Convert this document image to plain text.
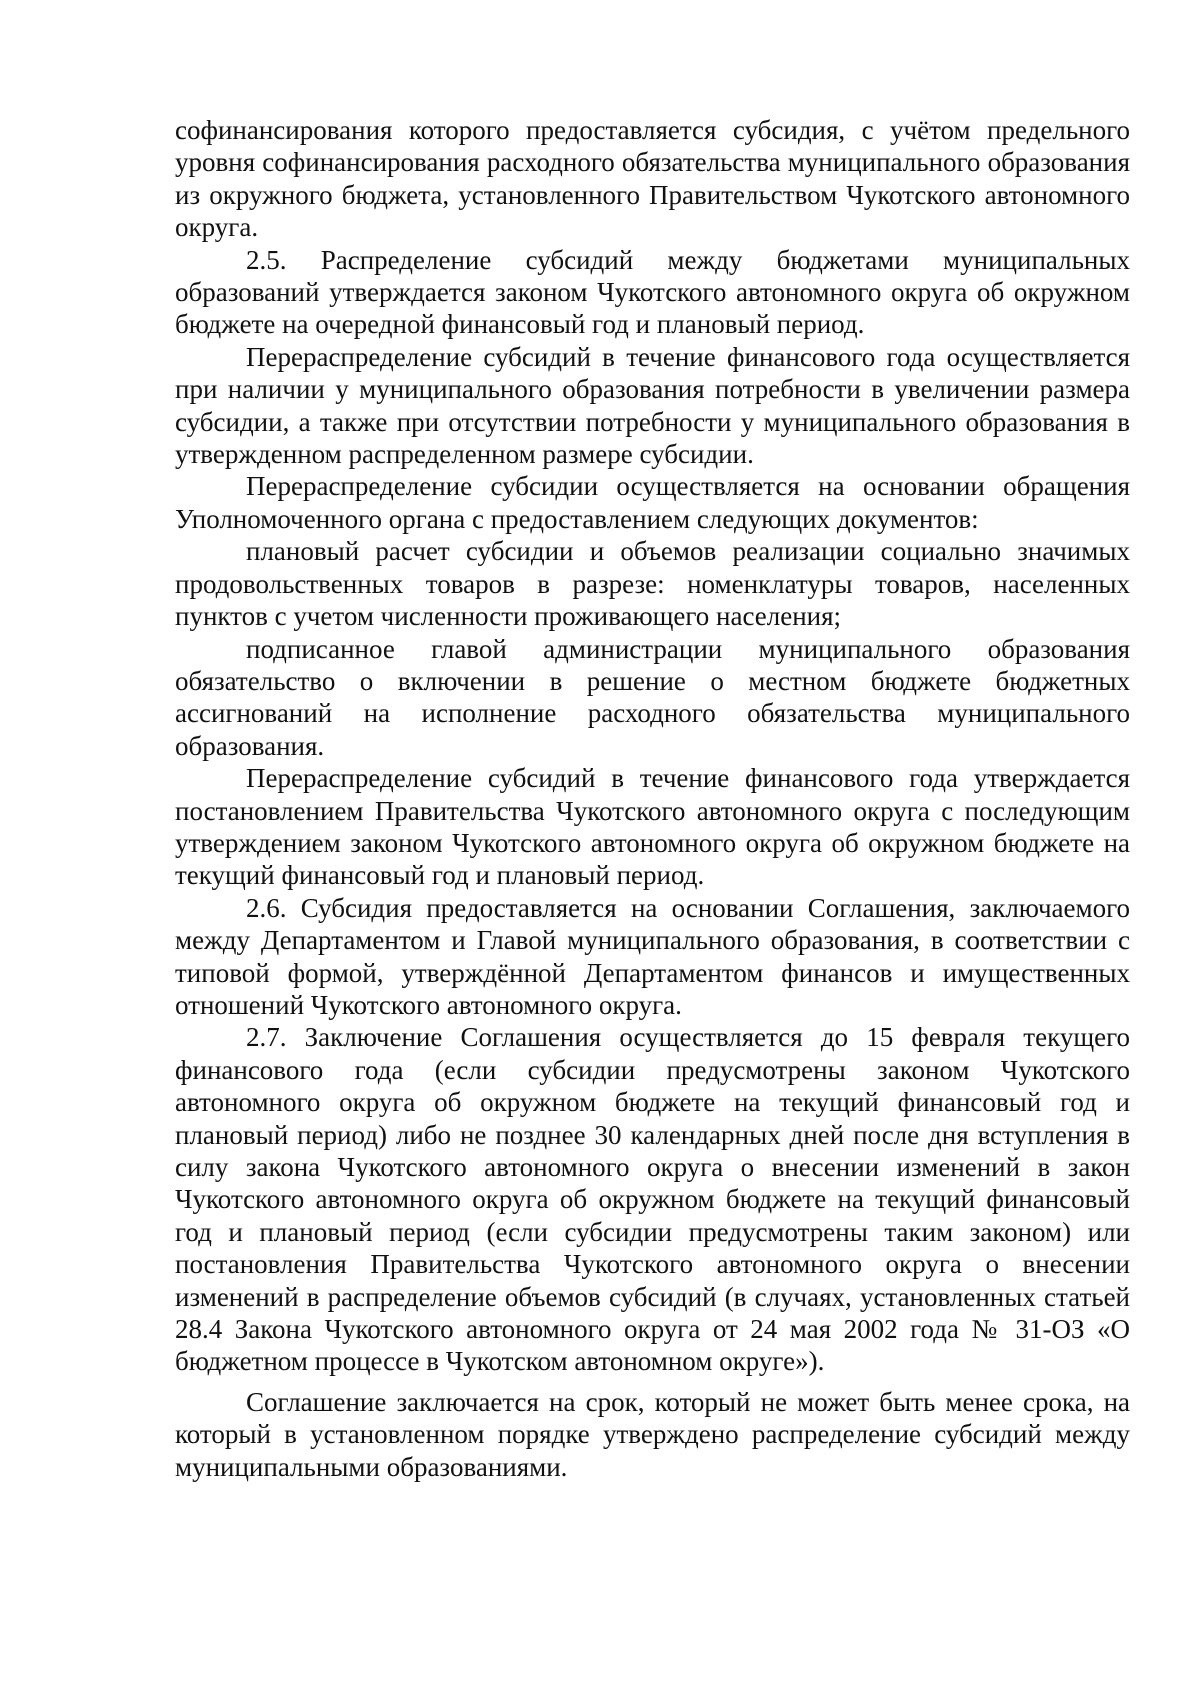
софинансирования которого предоставляется субсидия, с учётом предельного уровня софинансирования расходного обязательства муниципального образования из окружного бюджета, установленного Правительством Чукотского автономного округа.

2.5. Распределение субсидий между бюджетами муниципальных образований утверждается законом Чукотского автономного округа об окружном бюджете на очередной финансовый год и плановый период.

Перераспределение субсидий в течение финансового года осуществляется при наличии у муниципального образования потребности в увеличении размера субсидии, а также при отсутствии потребности у муниципального образования в утвержденном распределенном размере субсидии.

Перераспределение субсидии осуществляется на основании обращения Уполномоченного органа с предоставлением следующих документов:

плановый расчет субсидии и объемов реализации социально значимых продовольственных товаров в разрезе: номенклатуры товаров, населенных пунктов с учетом численности проживающего населения;

подписанное главой администрации муниципального образования обязательство о включении в решение о местном бюджете бюджетных ассигнований на исполнение расходного обязательства муниципального образования.

Перераспределение субсидий в течение финансового года утверждается постановлением Правительства Чукотского автономного округа с последующим утверждением законом Чукотского автономного округа об окружном бюджете на текущий финансовый год и плановый период.

2.6. Субсидия предоставляется на основании Соглашения, заключаемого между Департаментом и Главой муниципального образования, в соответствии с типовой формой, утверждённой Департаментом финансов и имущественных отношений Чукотского автономного округа.

2.7. Заключение Соглашения осуществляется до 15 февраля текущего финансового года (если субсидии предусмотрены законом Чукотского автономного округа об окружном бюджете на текущий финансовый год и плановый период) либо не позднее 30 календарных дней после дня вступления в силу закона Чукотского автономного округа о внесении изменений в закон Чукотского автономного округа об окружном бюджете на текущий финансовый год и плановый период (если субсидии предусмотрены таким законом) или постановления Правительства Чукотского автономного округа о внесении изменений в распределение объемов субсидий (в случаях, установленных статьей 28.4 Закона Чукотского автономного округа от 24 мая 2002 года № 31-ОЗ «О бюджетном процессе в Чукотском автономном округе»).

Соглашение заключается на срок, который не может быть менее срока, на который в установленном порядке утверждено распределение субсидий между муниципальными образованиями.
